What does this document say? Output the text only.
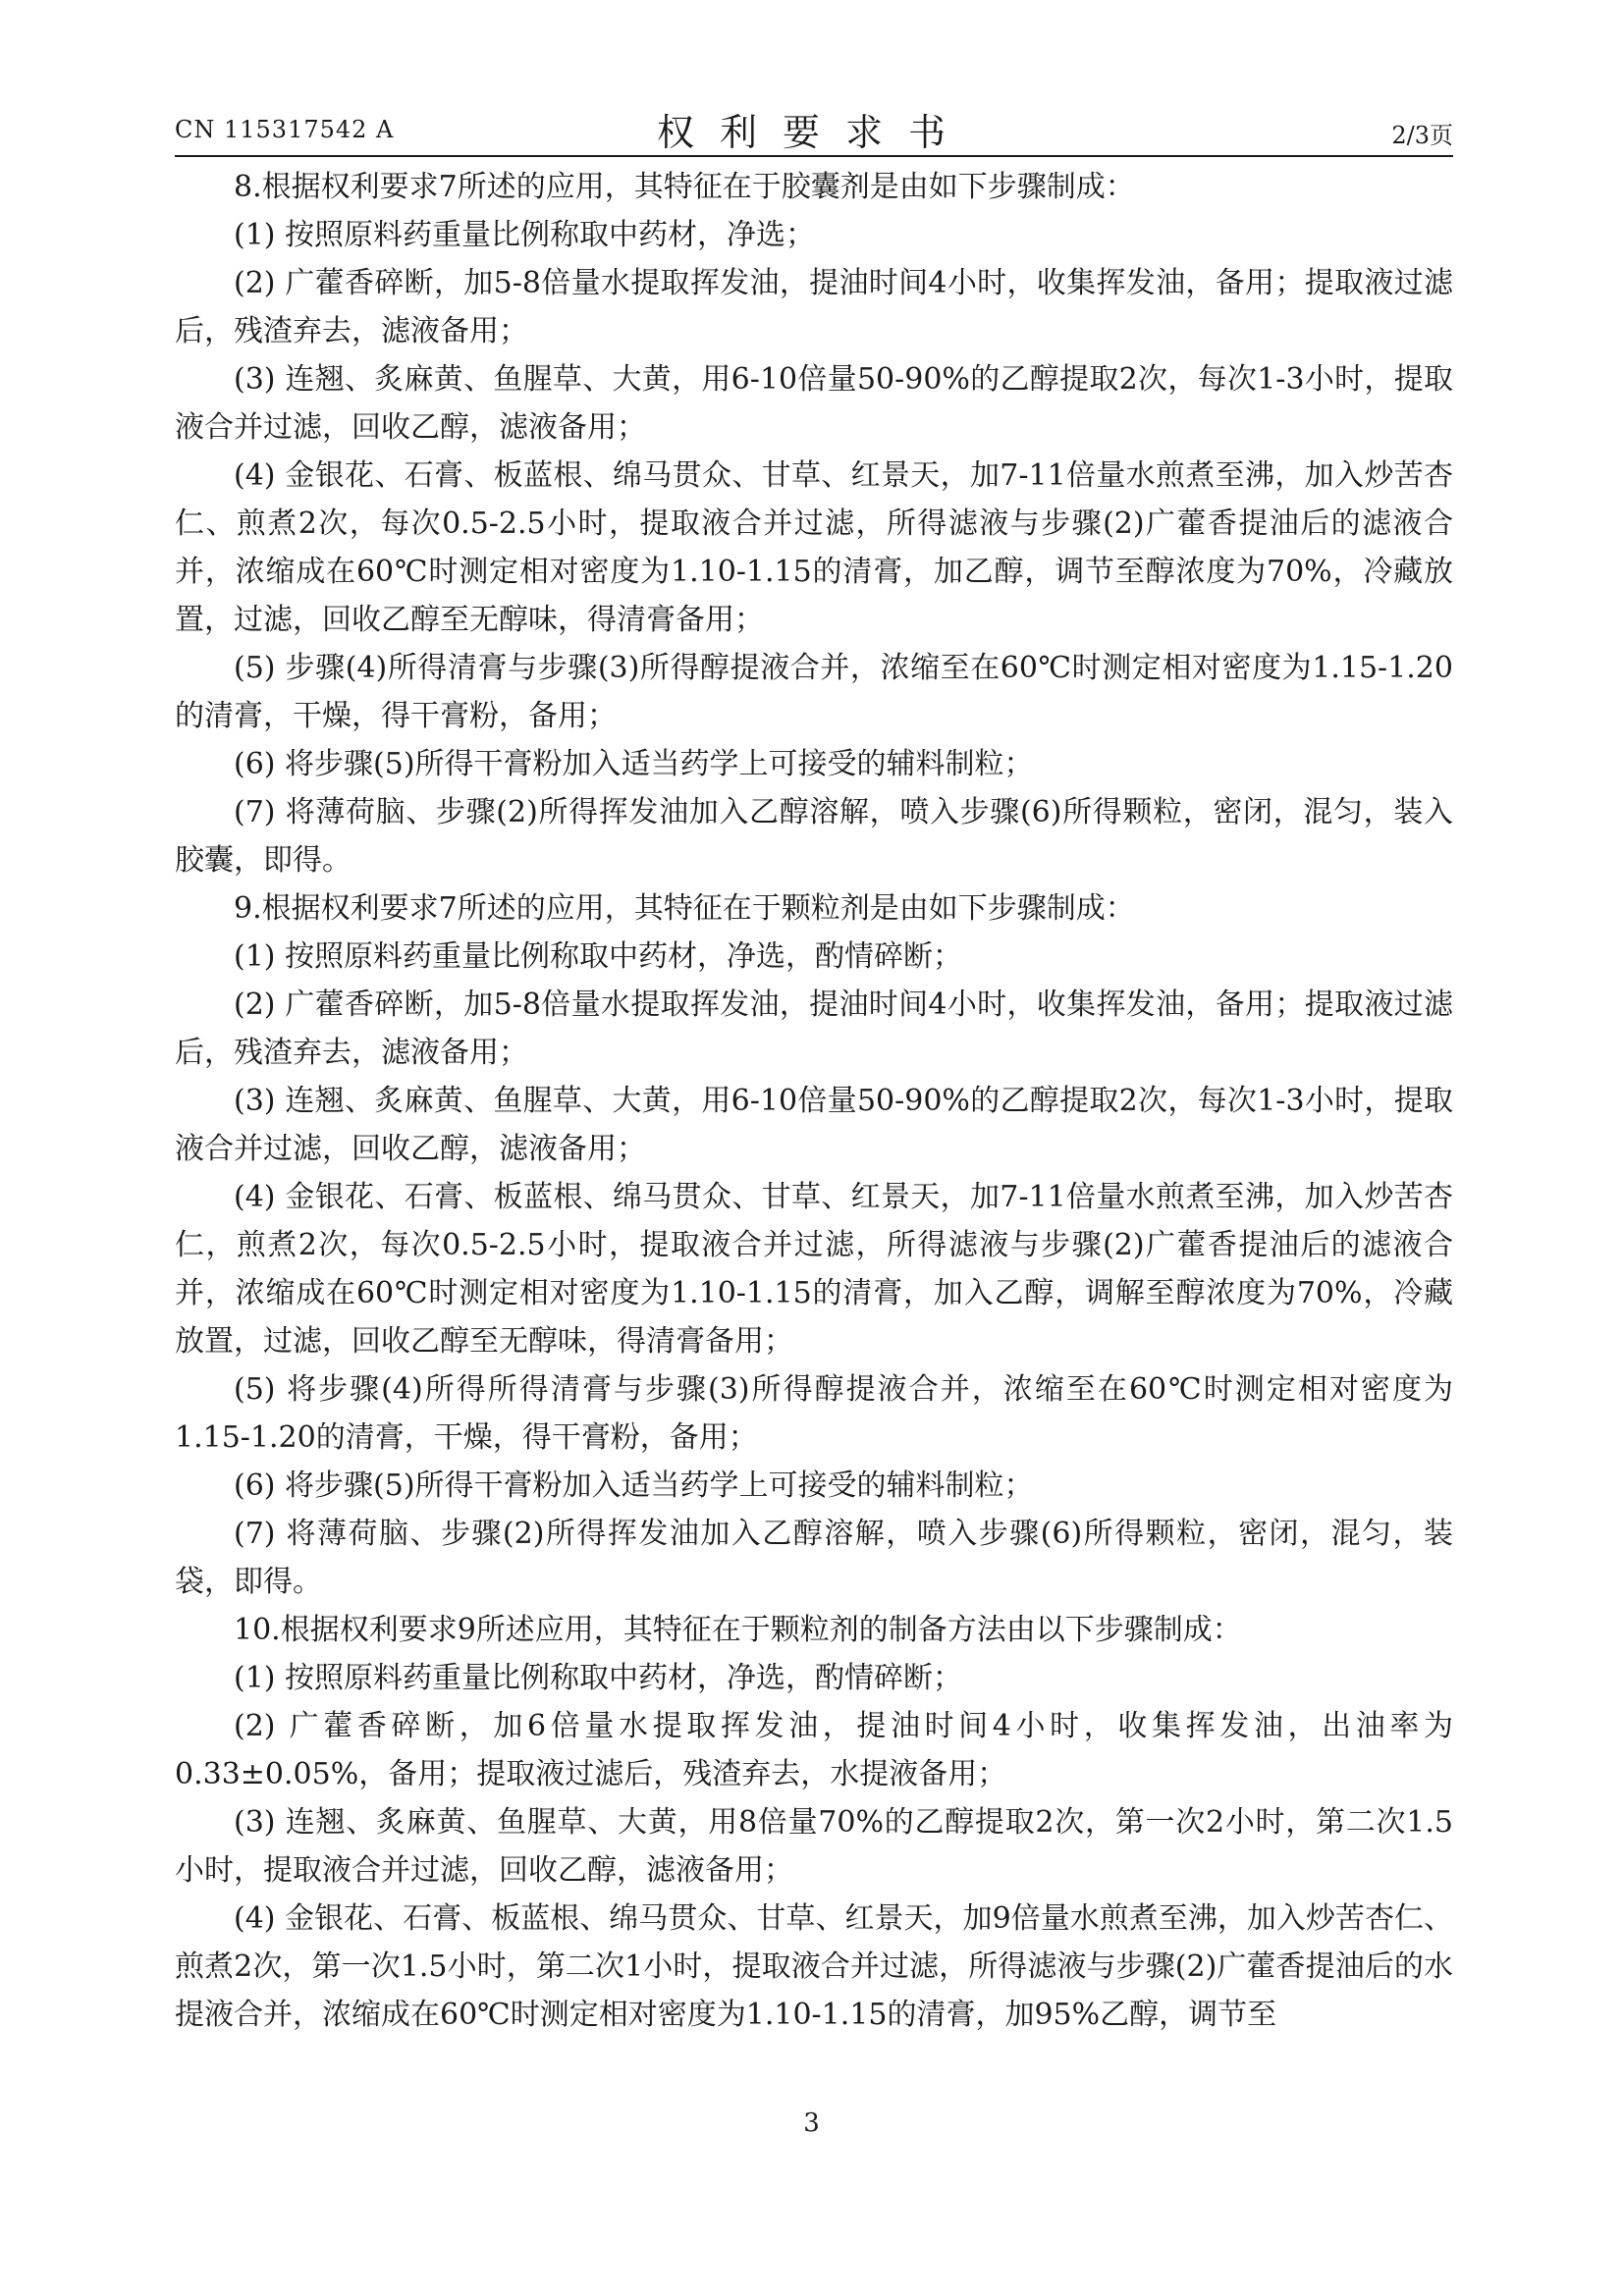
CN 115317542 A	权利要求书	2/3页

8.根据权利要求7所述的应用，其特征在于胶囊剂是由如下步骤制成：

(1) 按照原料药重量比例称取中药材，净选；

(2) 广藿香碎断，加5-8倍量水提取挥发油，提油时间4小时，收集挥发油，备用；提取液过滤后，残渣弃去，滤液备用；

(3) 连翘、炙麻黄、鱼腥草、大黄，用6-10倍量50-90%的乙醇提取2次，每次1-3小时，提取液合并过滤，回收乙醇，滤液备用；

(4) 金银花、石膏、板蓝根、绵马贯众、甘草、红景天，加7-11倍量水煎煮至沸，加入炒苦杏仁、煎煮2次，每次0.5-2.5小时，提取液合并过滤，所得滤液与步骤(2)广藿香提油后的滤液合并，浓缩成在60℃时测定相对密度为1.10-1.15的清膏，加乙醇，调节至醇浓度为70%，冷藏放置，过滤，回收乙醇至无醇味，得清膏备用；

(5) 步骤(4)所得清膏与步骤(3)所得醇提液合并，浓缩至在60℃时测定相对密度为1.15-1.20的清膏，干燥，得干膏粉，备用；

(6) 将步骤(5)所得干膏粉加入适当药学上可接受的辅料制粒；

(7) 将薄荷脑、步骤(2)所得挥发油加入乙醇溶解，喷入步骤(6)所得颗粒，密闭，混匀，装入胶囊，即得。

9.根据权利要求7所述的应用，其特征在于颗粒剂是由如下步骤制成：

(1) 按照原料药重量比例称取中药材，净选，酌情碎断；

(2) 广藿香碎断，加5-8倍量水提取挥发油，提油时间4小时，收集挥发油，备用；提取液过滤后，残渣弃去，滤液备用；

(3) 连翘、炙麻黄、鱼腥草、大黄，用6-10倍量50-90%的乙醇提取2次，每次1-3小时，提取液合并过滤，回收乙醇，滤液备用；

(4) 金银花、石膏、板蓝根、绵马贯众、甘草、红景天，加7-11倍量水煎煮至沸，加入炒苦杏仁，煎煮2次，每次0.5-2.5小时，提取液合并过滤，所得滤液与步骤(2)广藿香提油后的滤液合并，浓缩成在60℃时测定相对密度为1.10-1.15的清膏，加入乙醇，调解至醇浓度为70%，冷藏放置，过滤，回收乙醇至无醇味，得清膏备用；

(5) 将步骤(4)所得所得清膏与步骤(3)所得醇提液合并，浓缩至在60℃时测定相对密度为1.15-1.20的清膏，干燥，得干膏粉，备用；

(6) 将步骤(5)所得干膏粉加入适当药学上可接受的辅料制粒；

(7) 将薄荷脑、步骤(2)所得挥发油加入乙醇溶解，喷入步骤(6)所得颗粒，密闭，混匀，装袋，即得。

10.根据权利要求9所述应用，其特征在于颗粒剂的制备方法由以下步骤制成：

(1) 按照原料药重量比例称取中药材，净选，酌情碎断；

(2) 广藿香碎断，加6倍量水提取挥发油，提油时间4小时，收集挥发油，出油率为0.33±0.05%，备用；提取液过滤后，残渣弃去，水提液备用；

(3) 连翘、炙麻黄、鱼腥草、大黄，用8倍量70%的乙醇提取2次，第一次2小时，第二次1.5小时，提取液合并过滤，回收乙醇，滤液备用；

(4) 金银花、石膏、板蓝根、绵马贯众、甘草、红景天，加9倍量水煎煮至沸，加入炒苦杏仁、煎煮2次，第一次1.5小时，第二次1小时，提取液合并过滤，所得滤液与步骤(2)广藿香提油后的水提液合并，浓缩成在60℃时测定相对密度为1.10-1.15的清膏，加95%乙醇，调节至

3
